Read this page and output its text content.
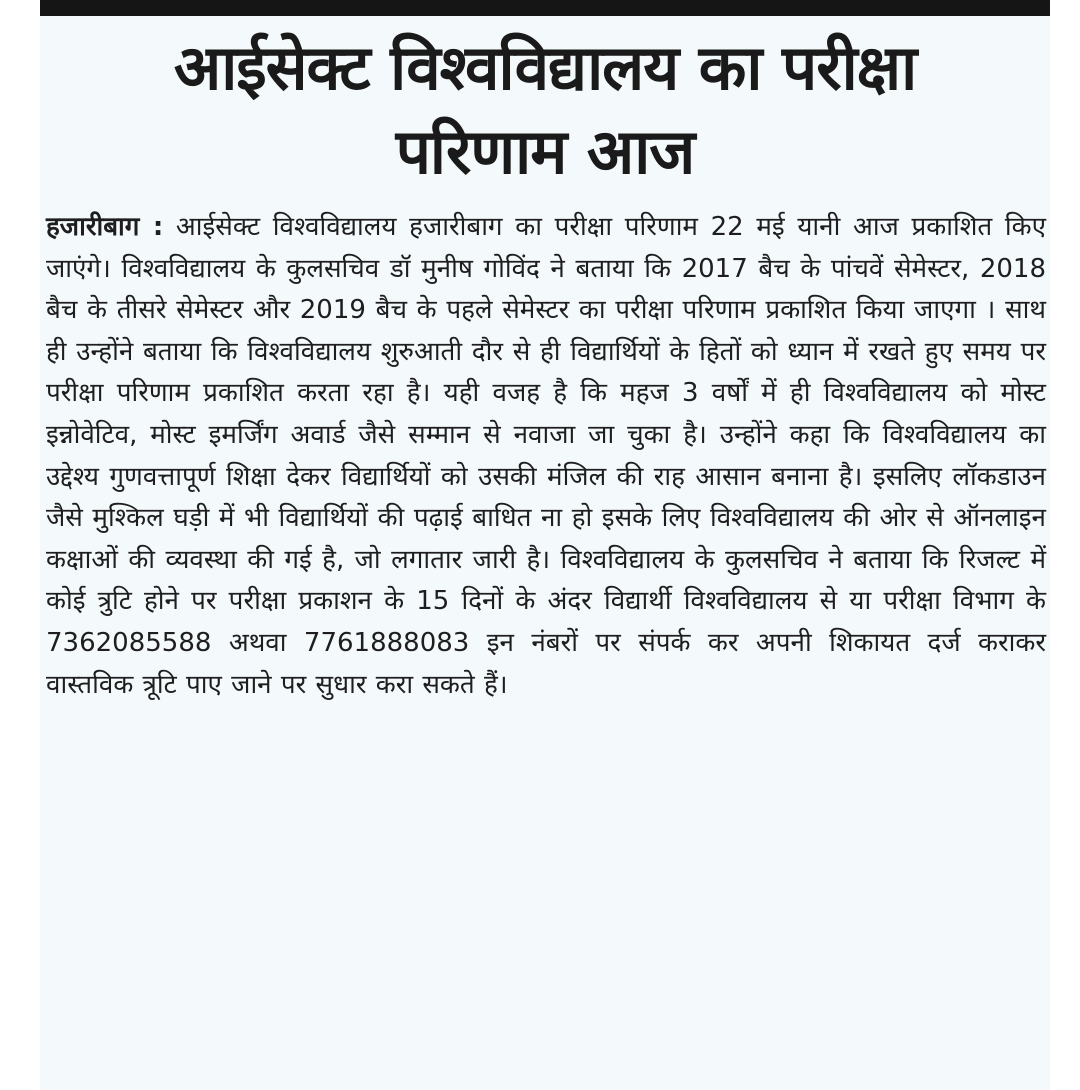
आईसेक्ट विश्वविद्यालय का परीक्षा
परिणाम आज

हजारीबाग : आईसेक्ट विश्वविद्यालय हजारीबाग का परीक्षा परिणाम 22 मई यानी आज प्रकाशित किए जाएंगे। विश्वविद्यालय के कुलसचिव डॉ मुनीष गोविंद ने बताया कि 2017 बैच के पांचवें सेमेस्टर, 2018 बैच के तीसरे सेमेस्टर और 2019 बैच के पहले सेमेस्टर का परीक्षा परिणाम प्रकाशित किया जाएगा । साथ ही उन्होंने बताया कि विश्वविद्यालय शुरुआती दौर से ही विद्यार्थियों के हितों को ध्यान में रखते हुए समय पर परीक्षा परिणाम प्रकाशित करता रहा है। यही वजह है कि महज 3 वर्षों में ही विश्वविद्यालय को मोस्ट इन्नोवेटिव, मोस्ट इमर्जिंग अवार्ड जैसे सम्मान से नवाजा जा चुका है। उन्होंने कहा कि विश्वविद्यालय का उद्देश्य गुणवत्तापूर्ण शिक्षा देकर विद्यार्थियों को उसकी मंजिल की राह आसान बनाना है। इसलिए लॉकडाउन जैसे मुश्किल घड़ी में भी विद्यार्थियों की पढ़ाई बाधित ना हो इसके लिए विश्वविद्यालय की ओर से ऑनलाइन कक्षाओं की व्यवस्था की गई है, जो लगातार जारी है। विश्वविद्यालय के कुलसचिव ने बताया कि रिजल्ट में कोई त्रुटि होने पर परीक्षा प्रकाशन के 15 दिनों के अंदर विद्यार्थी विश्वविद्यालय से या परीक्षा विभाग के 7362085588 अथवा 7761888083 इन नंबरों पर संपर्क कर अपनी शिकायत दर्ज कराकर वास्तविक त्रूटि पाए जाने पर सुधार करा सकते हैं।
